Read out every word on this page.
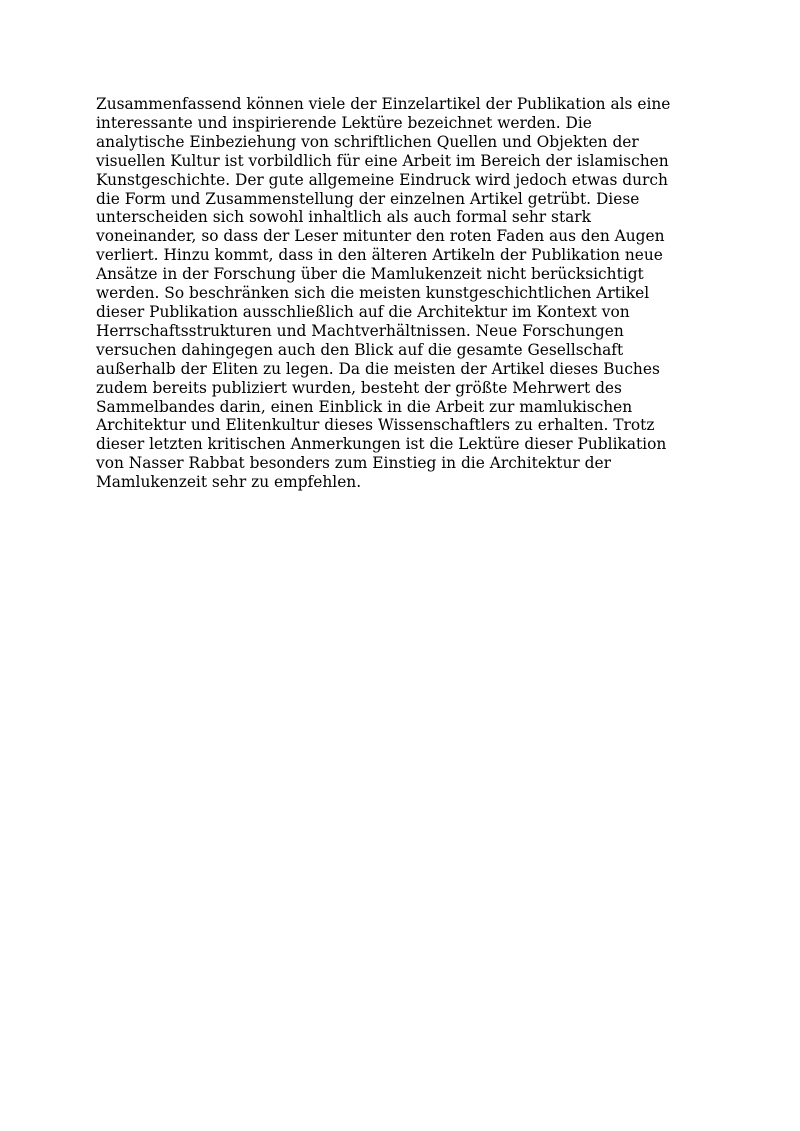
Zusammenfassend können viele der Einzelartikel der Publikation als eine
interessante und inspirierende Lektüre bezeichnet werden. Die
analytische Einbeziehung von schriftlichen Quellen und Objekten der
visuellen Kultur ist vorbildlich für eine Arbeit im Bereich der islamischen
Kunstgeschichte. Der gute allgemeine Eindruck wird jedoch etwas durch
die Form und Zusammenstellung der einzelnen Artikel getrübt. Diese
unterscheiden sich sowohl inhaltlich als auch formal sehr stark
voneinander, so dass der Leser mitunter den roten Faden aus den Augen
verliert. Hinzu kommt, dass in den älteren Artikeln der Publikation neue
Ansätze in der Forschung über die Mamlukenzeit nicht berücksichtigt
werden. So beschränken sich die meisten kunstgeschichtlichen Artikel
dieser Publikation ausschließlich auf die Architektur im Kontext von
Herrschaftsstrukturen und Machtverhältnissen. Neue Forschungen
versuchen dahingegen auch den Blick auf die gesamte Gesellschaft
außerhalb der Eliten zu legen. Da die meisten der Artikel dieses Buches
zudem bereits publiziert wurden, besteht der größte Mehrwert des
Sammelbandes darin, einen Einblick in die Arbeit zur mamlukischen
Architektur und Elitenkultur dieses Wissenschaftlers zu erhalten. Trotz
dieser letzten kritischen Anmerkungen ist die Lektüre dieser Publikation
von Nasser Rabbat besonders zum Einstieg in die Architektur der
Mamlukenzeit sehr zu empfehlen.
